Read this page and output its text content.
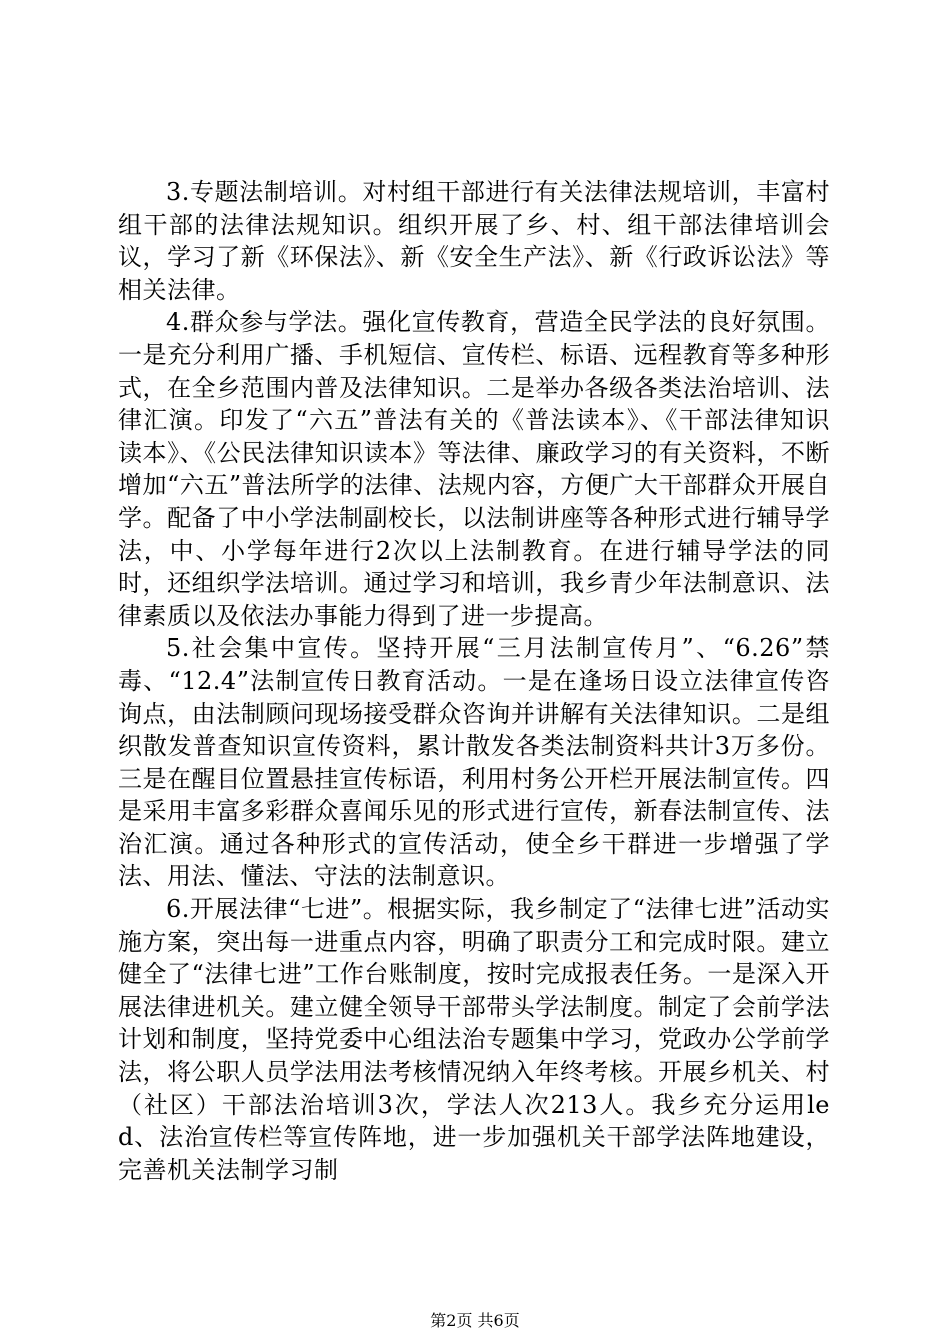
3.专题法制培训。对村组干部进行有关法律法规培训，丰富村组干部的法律法规知识。组织开展了乡、村、组干部法律培训会议，学习了新《环保法》、新《安全生产法》、新《行政诉讼法》等相关法律。

4.群众参与学法。强化宣传教育，营造全民学法的良好氛围。一是充分利用广播、手机短信、宣传栏、标语、远程教育等多种形式，在全乡范围内普及法律知识。二是举办各级各类法治培训、法律汇演。印发了“六五”普法有关的《普法读本》、《干部法律知识读本》、《公民法律知识读本》等法律、廉政学习的有关资料，不断增加“六五”普法所学的法律、法规内容，方便广大干部群众开展自学。配备了中小学法制副校长，以法制讲座等各种形式进行辅导学法，中、小学每年进行2次以上法制教育。在进行辅导学法的同时，还组织学法培训。通过学习和培训，我乡青少年法制意识、法律素质以及依法办事能力得到了进一步提高。

5.社会集中宣传。坚持开展“三月法制宣传月”、“6.26”禁毒、“12.4”法制宣传日教育活动。一是在逢场日设立法律宣传咨询点，由法制顾问现场接受群众咨询并讲解有关法律知识。二是组织散发普查知识宣传资料，累计散发各类法制资料共计3万多份。三是在醒目位置悬挂宣传标语，利用村务公开栏开展法制宣传。四是采用丰富多彩群众喜闻乐见的形式进行宣传，新春法制宣传、法治汇演。通过各种形式的宣传活动，使全乡干群进一步增强了学法、用法、懂法、守法的法制意识。

6.开展法律“七进”。根据实际，我乡制定了“法律七进”活动实施方案，突出每一进重点内容，明确了职责分工和完成时限。建立健全了“法律七进”工作台账制度，按时完成报表任务。一是深入开展法律进机关。建立健全领导干部带头学法制度。制定了会前学法计划和制度，坚持党委中心组法治专题集中学习，党政办公学前学法，将公职人员学法用法考核情况纳入年终考核。开展乡机关、村（社区）干部法治培训3次，学法人次213人。我乡充分运用led、法治宣传栏等宣传阵地，进一步加强机关干部学法阵地建设，完善机关法制学习制

第2页 共6页
